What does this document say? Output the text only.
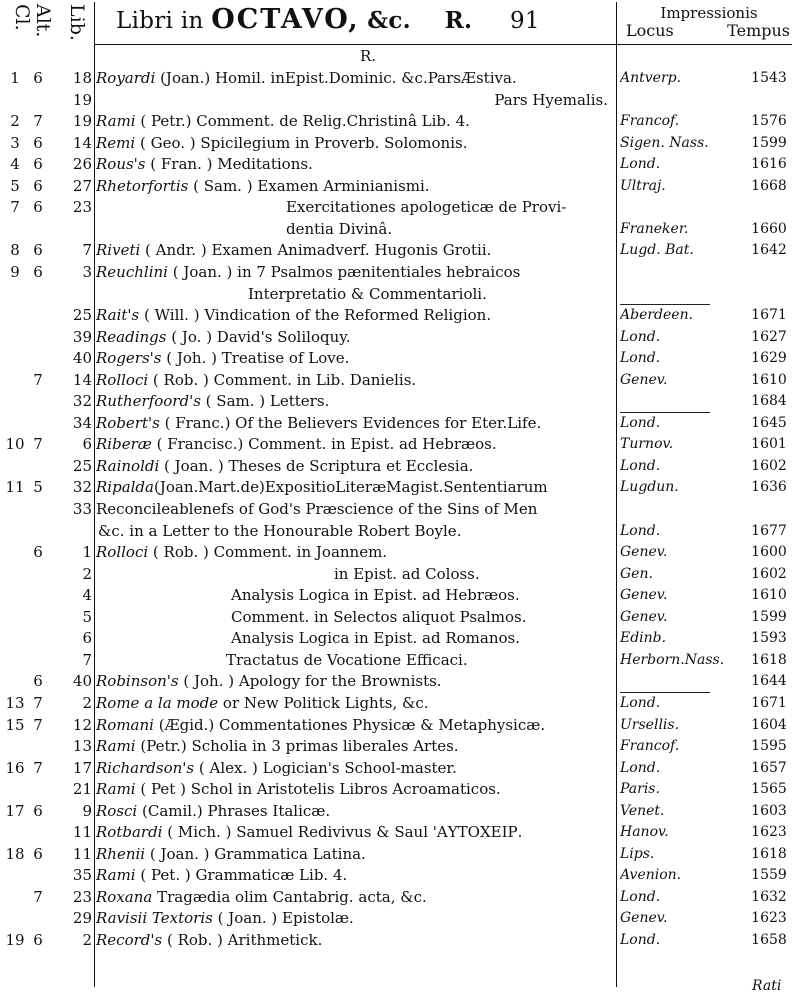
Cl. Alt. Lib. Libri in OCTAVO, &c. R. 91	Impressionis
Locus	Tempus
R.
1 6	18 Royardi (Joan.) Homil. inEpist.Dominic. &c.ParsÆstiva.	Antverp.	1543
19	Pars Hyemalis.
2 7	19 Rami ( Petr.) Comment. de Relig.Christinâ Lib. 4.	Francof.	1576
3 6	14 Remi ( Geo. ) Spicilegium in Proverb. Solomonis.	Sigen. Nass.	1599
4 6	26 Rous's ( Fran. ) Meditations.	Lond.	1616
5 6	27 Rhetorfortis ( Sam. ) Examen Arminianismi.	Ultraj.	1668
7 6	23	Exercitationes apologeticæ de Provi-
dentia Divinâ.	Franeker.	1660
8 6	7 Riveti ( Andr. ) Examen Animadverf. Hugonis Grotii.	Lugd. Bat.	1642
9 6	3 Reuchlini ( Joan. ) in 7 Psalmos pænitentiales hebraicos
Interpretatio & Commentarioli.
25 Rait's ( Will. ) Vindication of the Reformed Religion.	Aberdeen.	1671
39 Readings ( Jo. ) David's Soliloquy.	Lond.	1627
40 Rogers's ( Joh. ) Treatise of Love.	Lond.	1629
7	14 Rolloci ( Rob. ) Comment. in Lib. Danielis.	Genev.	1610
32 Rutherfoord's ( Sam. ) Letters.	1684
34 Robert's ( Franc.) Of the Believers Evidences for Eter.Life.	Lond.	1645
10 7	6 Riberæ ( Francisc.) Comment. in Epist. ad Hebræos.	Turnov.	1601
25 Rainoldi ( Joan. ) Theses de Scriptura et Ecclesia.	Lond.	1602
11 5	32 Ripalda(Joan.Mart.de)ExpositioLiteræMagist.Sententiarum	Lugdun.	1636
33 Reconcileablenefs of God's Præscience of the Sins of Men
&c. in a Letter to the Honourable Robert Boyle.	Lond.	1677
6	1 Rolloci ( Rob. ) Comment. in Joannem.	Genev.	1600
2	in Epist. ad Coloss.	Gen.	1602
4	Analysis Logica in Epist. ad Hebræos.	Genev.	1610
5	Comment. in Selectos aliquot Psalmos.	Genev.	1599
6	Analysis Logica in Epist. ad Romanos.	Edinb.	1593
7	Tractatus de Vocatione Efficaci.	Herborn.Nass.	1618
6	40 Robinson's ( Joh. ) Apology for the Brownists.	1644
13 7	2 Rome a la mode or New Politick Lights, &c.	Lond.	1671
15 7	12 Romani (Ægid.) Commentationes Physicæ & Metaphysicæ.	Ursellis.	1604
13 Rami (Petr.) Scholia in 3 primas liberales Artes.	Francof.	1595
16 7	17 Richardson's ( Alex. ) Logician's School-master.	Lond.	1657
21 Rami ( Pet ) Schol in Aristotelis Libros Acroamaticos.	Paris.	1565
17 6	9 Rosci (Camil.) Phrases Italicæ.	Venet.	1603
11 Rotbardi ( Mich. ) Samuel Redivivus & Saul 'ΑΥΤΟΧΕΙΡ.	Hanov.	1623
18 6	11 Rhenii ( Joan. ) Grammatica Latina.	Lips.	1618
35 Rami ( Pet. ) Grammaticæ Lib. 4.	Avenion.	1559
7	23 Roxana Tragædia olim Cantabrig. acta, &c.	Lond.	1632
29 Ravisii Textoris ( Joan. ) Epistolæ.	Genev.	1623
19 6	2 Record's ( Rob. ) Arithmetick.	Lond.	1658
Rati
